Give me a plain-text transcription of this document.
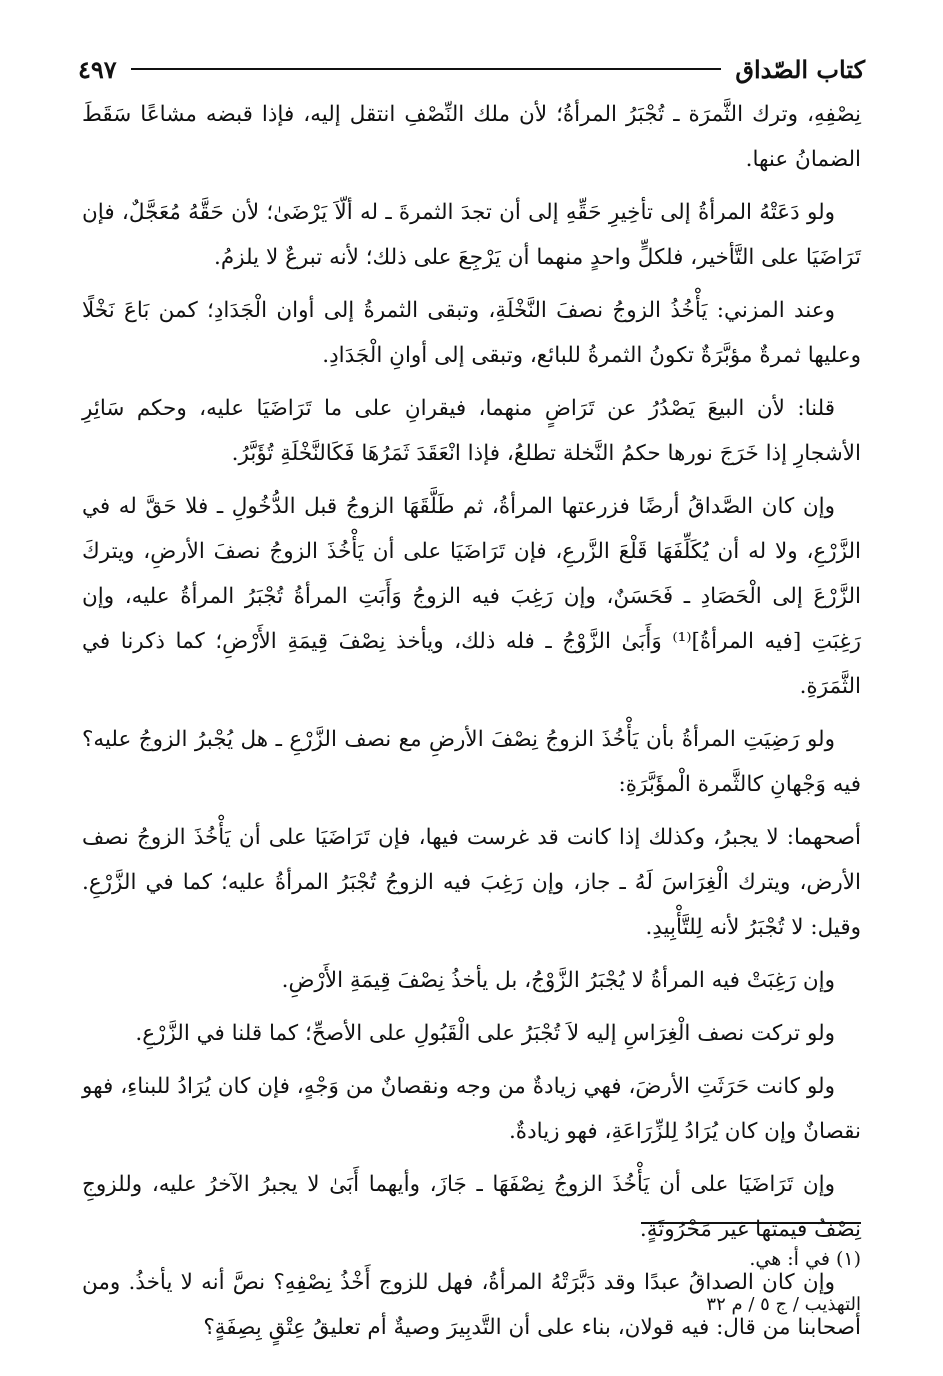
كتاب الصّداق
٤٩٧

نِصْفِهِ، وترك الثَّمرَة ـ تُجْبَرُ المرأةُ؛ لأن ملك النِّصْفِ انتقل إليه، فإذا قبضه مشاعًا سَقَطَ الضمانُ عنها.

ولو دَعَتْهُ المرأةُ إلى تأخِيرِ حَقِّهِ إلى أن تجدَ الثمرةَ ـ له ألّاَ يَرْضَىٰ؛ لأن حَقَّهُ مُعَجَّلٌ، فإن تَرَاضَيَا على التَّأخير، فلكلٍّ واحدٍ منهما أن يَرْجِعَ على ذلك؛ لأنه تبرعٌ لا يلزمُ.

وعند المزني: يَأْخُذُ الزوجُ نصفَ النَّخْلَةِ، وتبقى الثمرةُ إلى أوان الْجَدَادِ؛ كمن بَاعَ نَخْلًا وعليها ثمرةٌ مؤبَّرَةٌ تكونُ الثمرةُ للبائع، وتبقى إلى أوانِ الْجَدَادِ.

قلنا: لأن البيعَ يَصْدُرُ عن تَرَاضٍ منهما، فيقرانِ على ما تَرَاضَيَا عليه، وحكم سَائِرِ الأشجارِ إذا خَرَجَ نورها حكمُ النَّخلة تطلعُ، فإذا انْعَقَدَ ثَمَرُهَا فَكَالنَّخْلَةِ تُؤَبَّرُ.

وإن كان الصَّداقُ أرضًا فزرعتها المرأةُ، ثم طَلَّقَهَا الزوجُ قبل الدُّخُولِ ـ فلا حَقَّ له في الزَّرْعِ، ولا له أن يُكَلِّفَهَا قَلْعَ الزَّرعِ، فإن تَرَاضَيَا على أن يَأْخُذَ الزوجُ نصفَ الأرضِ، ويتركَ الزَّرْعَ إلى الْحَصَادِ ـ فَحَسَنٌ، وإن رَغِبَ فيه الزوجُ وَأَبَتِ المرأةُ تُجْبَرُ المرأةُ عليه، وإن رَغِبَتِ [فيه المرأةُ]⁽¹⁾ وَأَبَىٰ الزَّوْجُ ـ فله ذلك، ويأخذ نِصْفَ قِيمَةِ الأَرْضِ؛ كما ذكرنا في الثَّمَرَةِ.

ولو رَضِيَتِ المرأةُ بأن يَأْخُذَ الزوجُ نِصْفَ الأرضِ مع نصف الزَّرْعِ ـ هل يُجْبرُ الزوجُ عليه؟ فيه وَجْهانِ كالثَّمرة الْمؤَبَّرَةِ:

أصحهما: لا يجبرُ، وكذلك إذا كانت قد غرست فيها، فإن تَرَاضَيَا على أن يَأْخُذَ الزوجُ نصف الأرض، ويترك الْغِرَاسَ لَهُ ـ جاز، وإن رَغِبَ فيه الزوجُ تُجْبَرُ المرأةُ عليه؛ كما في الزَّرْعِ. وقيل: لا تُجْبَرُ لأنه لِلتَّأْبِيدِ.

وإن رَغِبَتْ فيه المرأةُ لا يُجْبَرُ الزَّوْجُ، بل يأخذُ نِصْفَ قِيمَةِ الأَرْضِ.

ولو تركت نصف الْغِرَاسِ إليه لاَ تُجْبَرُ على الْقَبُولِ على الأصحِّ؛ كما قلنا في الزَّرْعِ.

ولو كانت حَرَثَتِ الأرضَ، فهي زيادةٌ من وجه ونقصانٌ من وَجْهٍ، فإن كان يُرَادُ للبناءِ، فهو نقصانٌ وإن كان يُرَادُ لِلزِّرَاعَةِ، فهو زيادةٌ.

وإن تَرَاضَيَا على أن يَأْخُذَ الزوجُ نِصْفَهَا ـ جَازَ، وأيهما أَبَىٰ لا يجبرُ الآخرُ عليه، وللزوجِ نِصْفُ قيمتها غير مَحْرُوثَةٍ.

وإن كان الصداقُ عبدًا وقد دَبَّرَتْهُ المرأةُ، فهل للزوج أَخْذُ نِصْفِهِ؟ نصَّ أنه لا يأخذُ. ومن أصحابنا من قال: فيه قولان، بناء على أن التَّدبِيرَ وصيةٌ أم تعليقُ عِتْقٍ بِصِفَةٍ؟

(١) في أ: هي.
التهذيب / ج ٥ / م ٣٢
